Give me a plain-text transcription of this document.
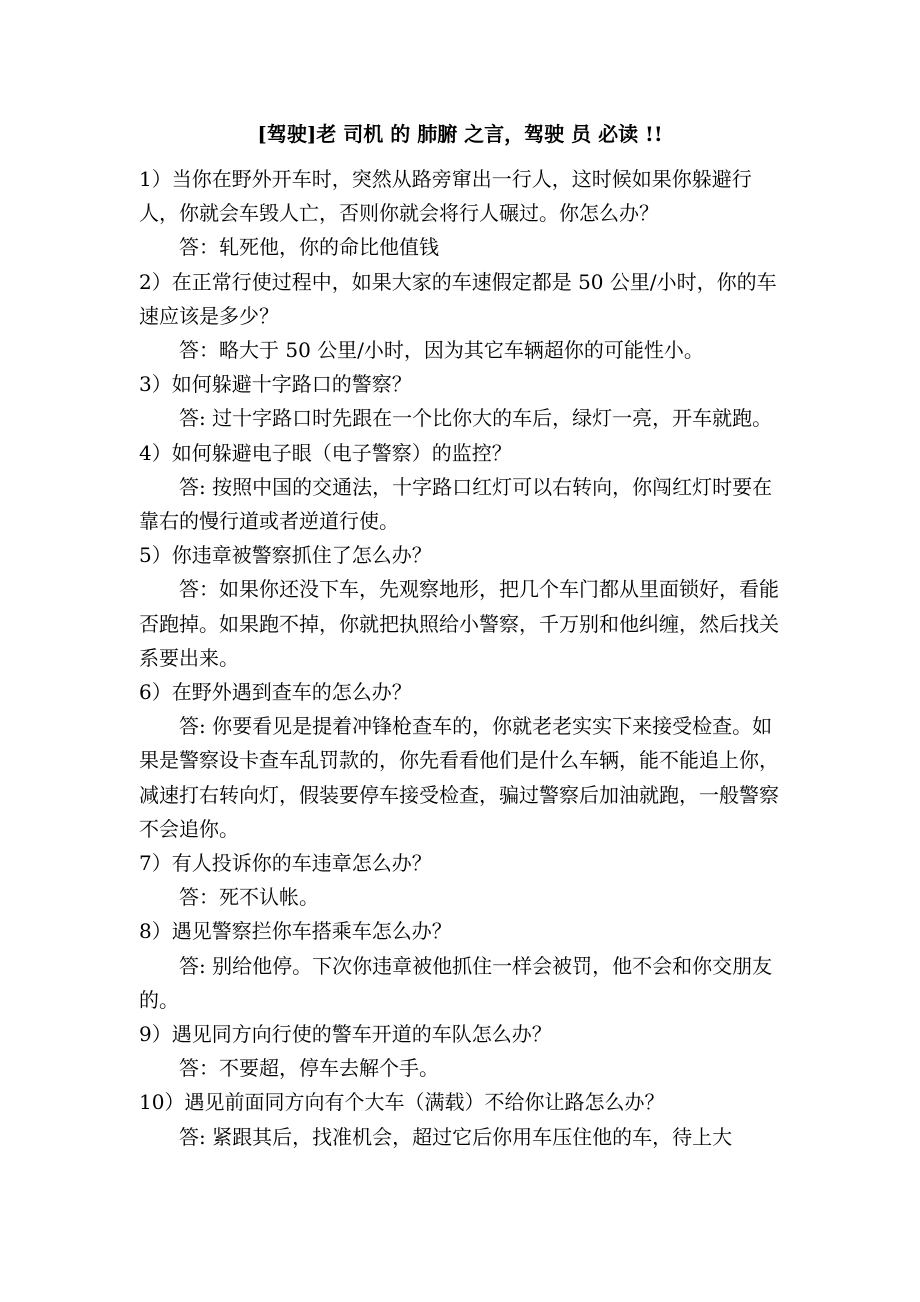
[驾驶]老 司机 的 肺腑 之言，驾驶 员 必读 !!

1）当你在野外开车时，突然从路旁窜出一行人，这时候如果你躲避行人，你就会车毁人亡，否则你就会将行人碾过。你怎么办？

答：轧死他，你的命比他值钱

2）在正常行使过程中，如果大家的车速假定都是 50 公里/小时，你的车速应该是多少？

答：略大于 50 公里/小时，因为其它车辆超你的可能性小。

3）如何躲避十字路口的警察？

答: 过十字路口时先跟在一个比你大的车后，绿灯一亮，开车就跑。

4）如何躲避电子眼（电子警察）的监控？

答: 按照中国的交通法，十字路口红灯可以右转向，你闯红灯时要在靠右的慢行道或者逆道行使。

5）你违章被警察抓住了怎么办？

答：如果你还没下车，先观察地形，把几个车门都从里面锁好，看能否跑掉。如果跑不掉，你就把执照给小警察，千万别和他纠缠，然后找关系要出来。

6）在野外遇到查车的怎么办？

答: 你要看见是提着冲锋枪查车的，你就老老实实下来接受检查。如果是警察设卡查车乱罚款的，你先看看他们是什么车辆，能不能追上你，减速打右转向灯，假装要停车接受检查，骗过警察后加油就跑，一般警察不会追你。

7）有人投诉你的车违章怎么办？

答：死不认帐。

8）遇见警察拦你车搭乘车怎么办？

答: 别给他停。下次你违章被他抓住一样会被罚，他不会和你交朋友的。

9）遇见同方向行使的警车开道的车队怎么办？

答：不要超，停车去解个手。

10）遇见前面同方向有个大车（满载）不给你让路怎么办？

答: 紧跟其后，找准机会，超过它后你用车压住他的车，待上大
